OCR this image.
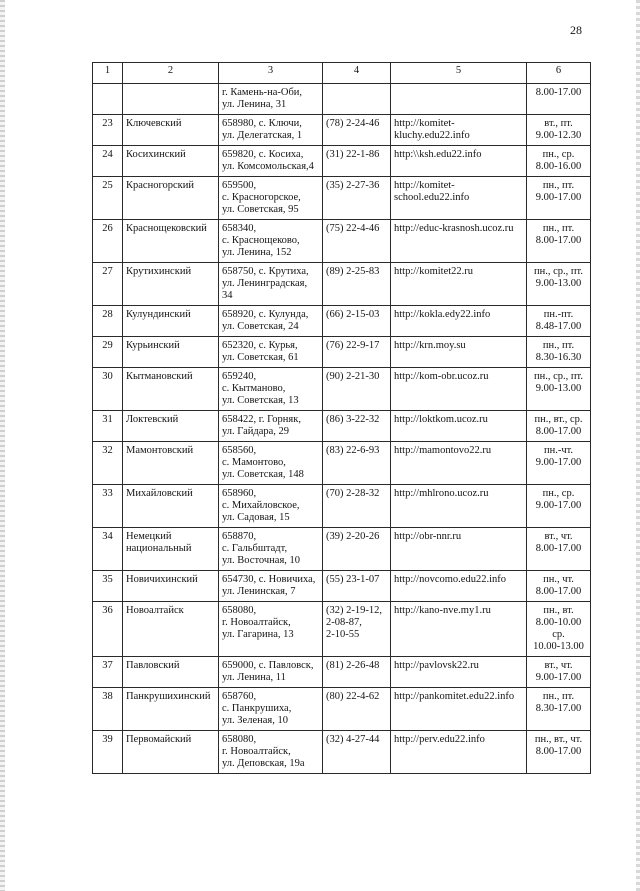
28
1	2	3	4	5	6
		г. Камень-на-Оби,
ул. Ленина, 31			8.00-17.00
23	Ключевский	658980, с. Ключи,
ул. Делегатская, 1	(78) 2-24-46	http://komitet-
kluchy.edu22.info	вт., пт.
9.00-12.30
24	Косихинский	659820, с. Косиха,
ул. Комсомольская,4	(31) 22-1-86	http:\\ksh.edu22.info	пн., ср.
8.00-16.00
25	Красногорский	659500,
с. Красногорское,
ул. Советская, 95	(35) 2-27-36	http://komitet-
school.edu22.info	пн., пт.
9.00-17.00
26	Краснощековский	658340,
с. Краснощеково,
ул. Ленина, 152	(75) 22-4-46	http://educ-krasnosh.ucoz.ru	пн., пт.
8.00-17.00
27	Крутихинский	658750, с. Крутиха,
ул. Ленинградская,
34	(89) 2-25-83	http://komitet22.ru	пн., ср., пт.
9.00-13.00
28	Кулундинский	658920, с. Кулунда,
ул. Советская, 24	(66) 2-15-03	http://kokla.edy22.info	пн.-пт.
8.48-17.00
29	Курьинский	652320, с. Курья,
ул. Советская, 61	(76) 22-9-17	http://krn.moy.su	пн., пт.
8.30-16.30
30	Кытмановский	659240,
с. Кытманово,
ул. Советская, 13	(90) 2-21-30	http://kom-obr.ucoz.ru	пн., ср., пт.
9.00-13.00
31	Локтевский	658422, г. Горняк,
ул. Гайдара, 29	(86) 3-22-32	http://loktkom.ucoz.ru	пн., вт., ср.
8.00-17.00
32	Мамонтовский	658560,
с. Мамонтово,
ул. Советская, 148	(83) 22-6-93	http://mamontovo22.ru	пн.-чт.
9.00-17.00
33	Михайловский	658960,
с. Михайловское,
ул. Садовая, 15	(70) 2-28-32	http://mhlrono.ucoz.ru	пн., ср.
9.00-17.00
34	Немецкий
национальный	658870,
с. Гальбштадт,
ул. Восточная, 10	(39) 2-20-26	http://obr-nnr.ru	вт., чт.
8.00-17.00
35	Новичихинский	654730, с. Новичиха,
ул. Ленинская, 7	(55) 23-1-07	http://novcomo.edu22.info	пн., чт.
8.00-17.00
36	Новоалтайск	658080,
г. Новоалтайск,
ул. Гагарина, 13	(32) 2-19-12,
2-08-87,
2-10-55	http://kano-nve.my1.ru	пн., вт.
8.00-10.00
ср.
10.00-13.00
37	Павловский	659000, с. Павловск,
ул. Ленина, 11	(81) 2-26-48	http://pavlovsk22.ru	вт., чт.
9.00-17.00
38	Панкрушихинский	658760,
с. Панкрушиха,
ул. Зеленая, 10	(80) 22-4-62	http://pankomitet.edu22.info	пн., пт.
8.30-17.00
39	Первомайский	658080,
г. Новоалтайск,
ул. Деповская, 19а	(32) 4-27-44	http://perv.edu22.info	пн., вт., чт.
8.00-17.00
